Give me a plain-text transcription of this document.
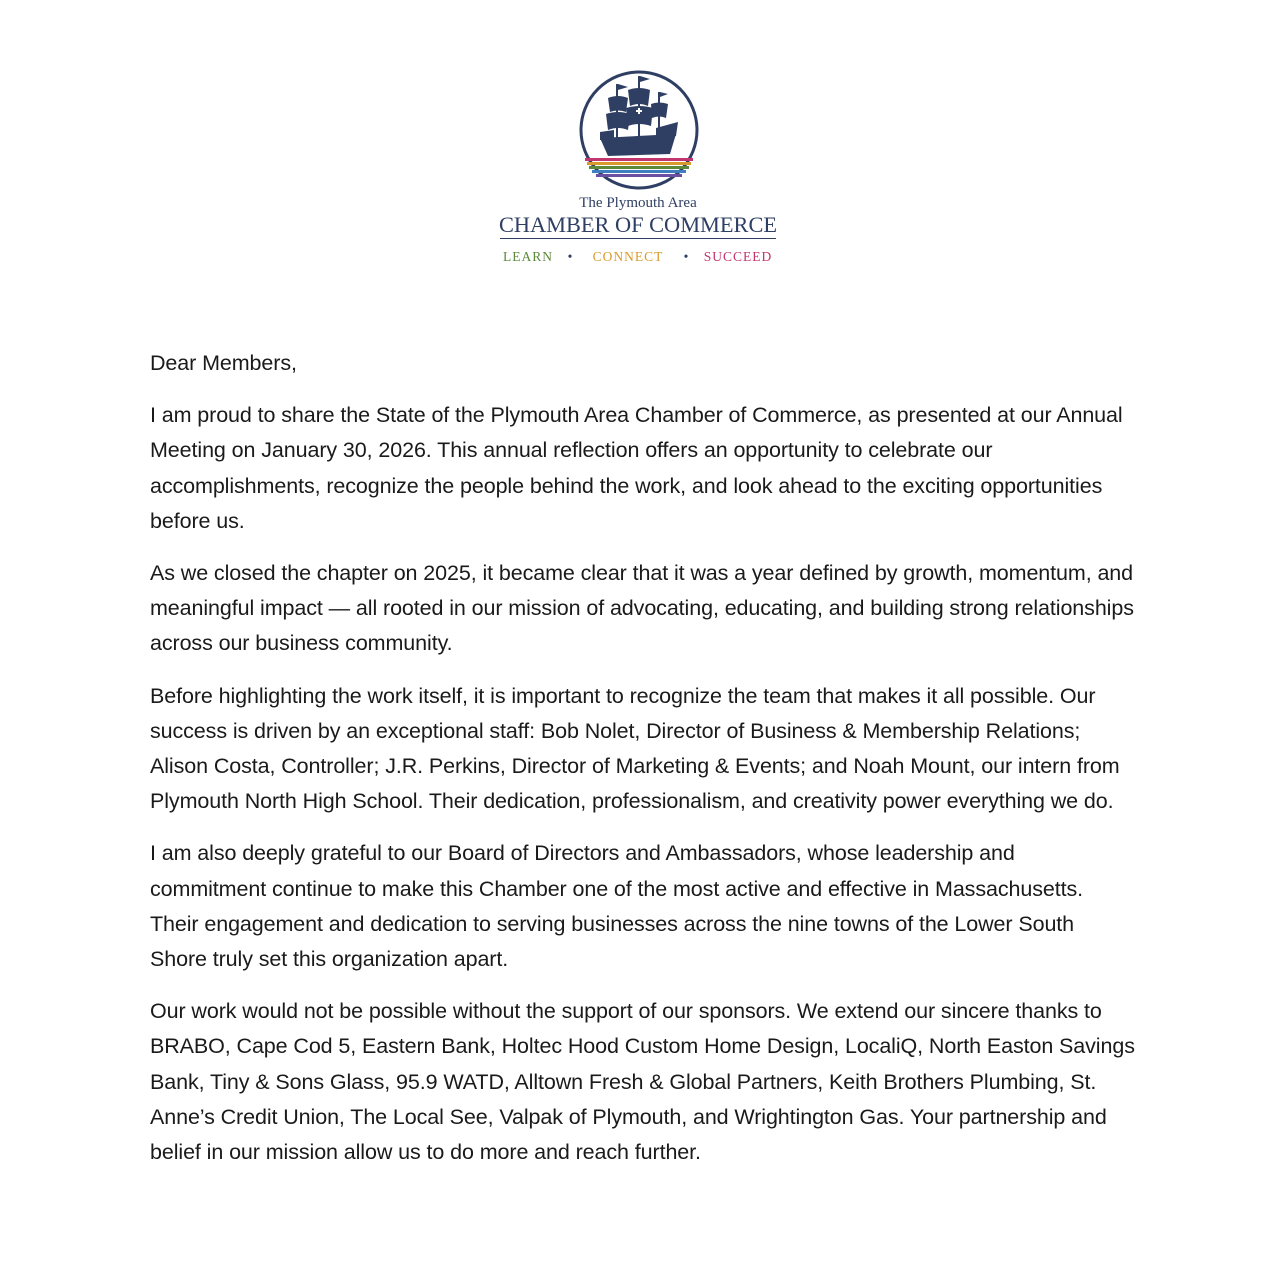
The Plymouth Area
CHAMBER OF COMMERCE
LEARN • CONNECT • SUCCEED

Dear Members,

I am proud to share the State of the Plymouth Area Chamber of Commerce, as presented at our Annual Meeting on January 30, 2026. This annual reflection offers an opportunity to celebrate our accomplishments, recognize the people behind the work, and look ahead to the exciting opportunities before us.

As we closed the chapter on 2025, it became clear that it was a year defined by growth, momentum, and meaningful impact — all rooted in our mission of advocating, educating, and building strong relationships across our business community.

Before highlighting the work itself, it is important to recognize the team that makes it all possible. Our success is driven by an exceptional staff: Bob Nolet, Director of Business & Membership Relations; Alison Costa, Controller; J.R. Perkins, Director of Marketing & Events; and Noah Mount, our intern from Plymouth North High School. Their dedication, professionalism, and creativity power everything we do.

I am also deeply grateful to our Board of Directors and Ambassadors, whose leadership and commitment continue to make this Chamber one of the most active and effective in Massachusetts. Their engagement and dedication to serving businesses across the nine towns of the Lower South Shore truly set this organization apart.

Our work would not be possible without the support of our sponsors. We extend our sincere thanks to BRABO, Cape Cod 5, Eastern Bank, Holtec Hood Custom Home Design, LocaliQ, North Easton Savings Bank, Tiny & Sons Glass, 95.9 WATD, Alltown Fresh & Global Partners, Keith Brothers Plumbing, St. Anne’s Credit Union, The Local See, Valpak of Plymouth, and Wrightington Gas. Your partnership and belief in our mission allow us to do more and reach further.
